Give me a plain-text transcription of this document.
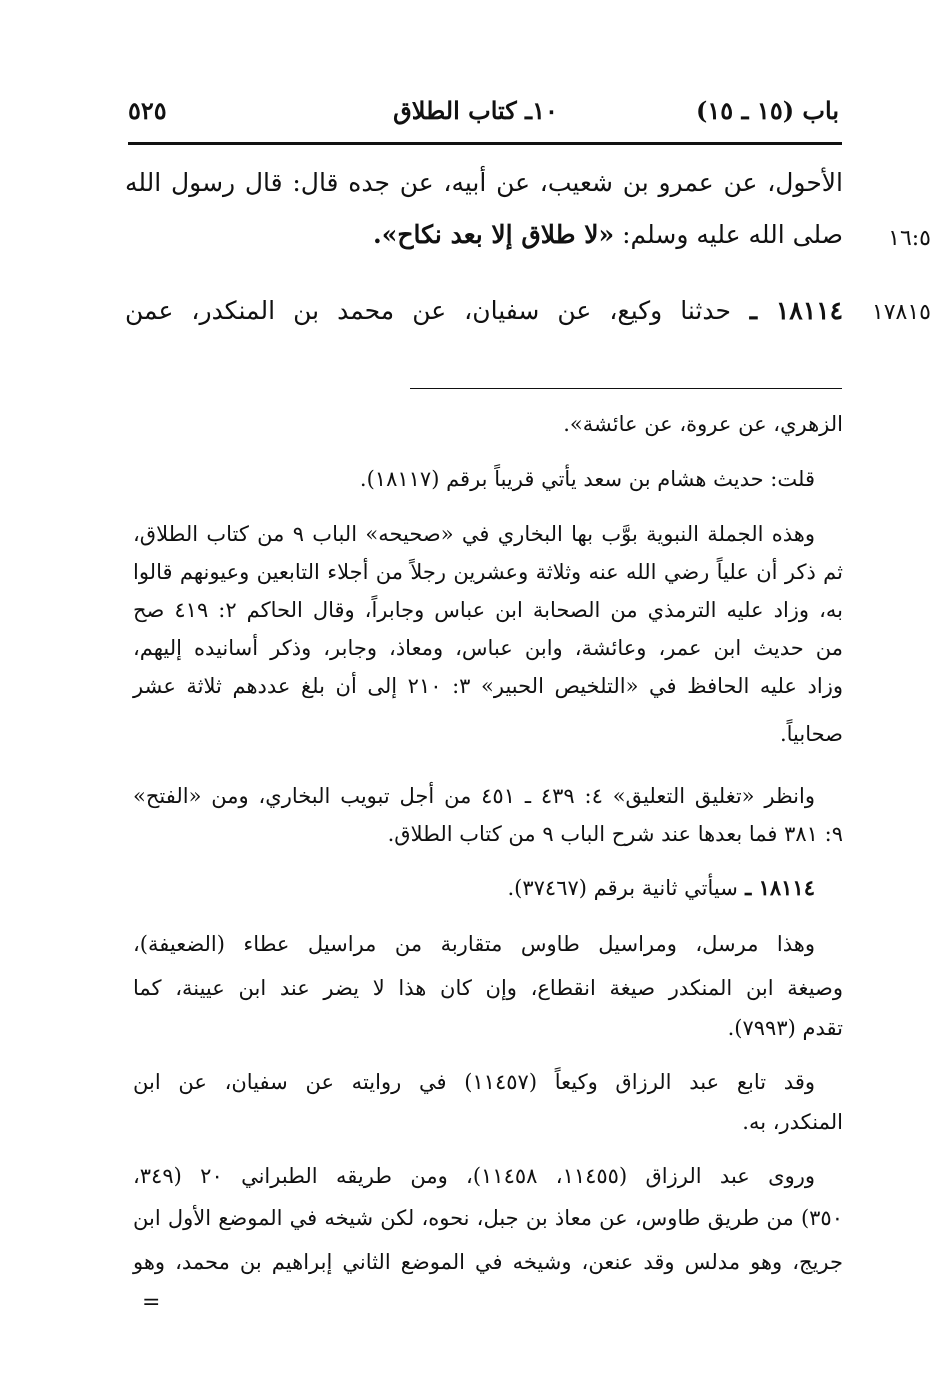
باب (١٥ ـ ١٥)
١٠ـ كتاب الطلاق
٥٢٥
الأحول، عن عمرو بن شعيب، عن أبيه، عن جده قال: قال رسول الله
صلى الله عليه وسلم: «لا طلاق إلا بعد نكاح».	١٦:٥
١٨١١٤ ـ حدثنا وكيع، عن سفيان، عن محمد بن المنكدر، عمن	١٧٨١٥
الزهري، عن عروة، عن عائشة».
قلت: حديث هشام بن سعد يأتي قريباً برقم (١٨١١٧).
وهذه الجملة النبوية بوَّب بها البخاري في «صحيحه» الباب ٩ من كتاب الطلاق،
ثم ذكر أن علياً رضي الله عنه وثلاثة وعشرين رجلاً من أجلاء التابعين وعيونهم قالوا
به، وزاد عليه الترمذي من الصحابة ابن عباس وجابراً، وقال الحاكم ٢: ٤١٩ صح
من حديث ابن عمر، وعائشة، وابن عباس، ومعاذ، وجابر، وذكر أسانيده إليهم،
وزاد عليه الحافظ في «التلخيص الحبير» ٣: ٢١٠ إلى أن بلغ عددهم ثلاثة عشر
صحابياً.
وانظر «تغليق التعليق» ٤: ٤٣٩ ـ ٤٥١ من أجل تبويب البخاري، ومن «الفتح»
٩: ٣٨١ فما بعدها عند شرح الباب ٩ من كتاب الطلاق.
١٨١١٤ ـ سيأتي ثانية برقم (٣٧٤٦٧).
وهذا مرسل، ومراسيل طاوس متقاربة من مراسيل عطاء (الضعيفة)،
وصيغة ابن المنكدر صيغة انقطاع، وإن كان هذا لا يضر عند ابن عيينة، كما
تقدم (٧٩٩٣).
وقد تابع عبد الرزاق وكيعاً (١١٤٥٧) في روايته عن سفيان، عن ابن
المنكدر، به.
وروى عبد الرزاق (١١٤٥٥، ١١٤٥٨)، ومن طريقه الطبراني ٢٠ (٣٤٩،
٣٥٠) من طريق طاوس، عن معاذ بن جبل، نحوه، لكن شيخه في الموضع الأول ابن
جريج، وهو مدلس وقد عنعن، وشيخه في الموضع الثاني إبراهيم بن محمد، وهو
=
